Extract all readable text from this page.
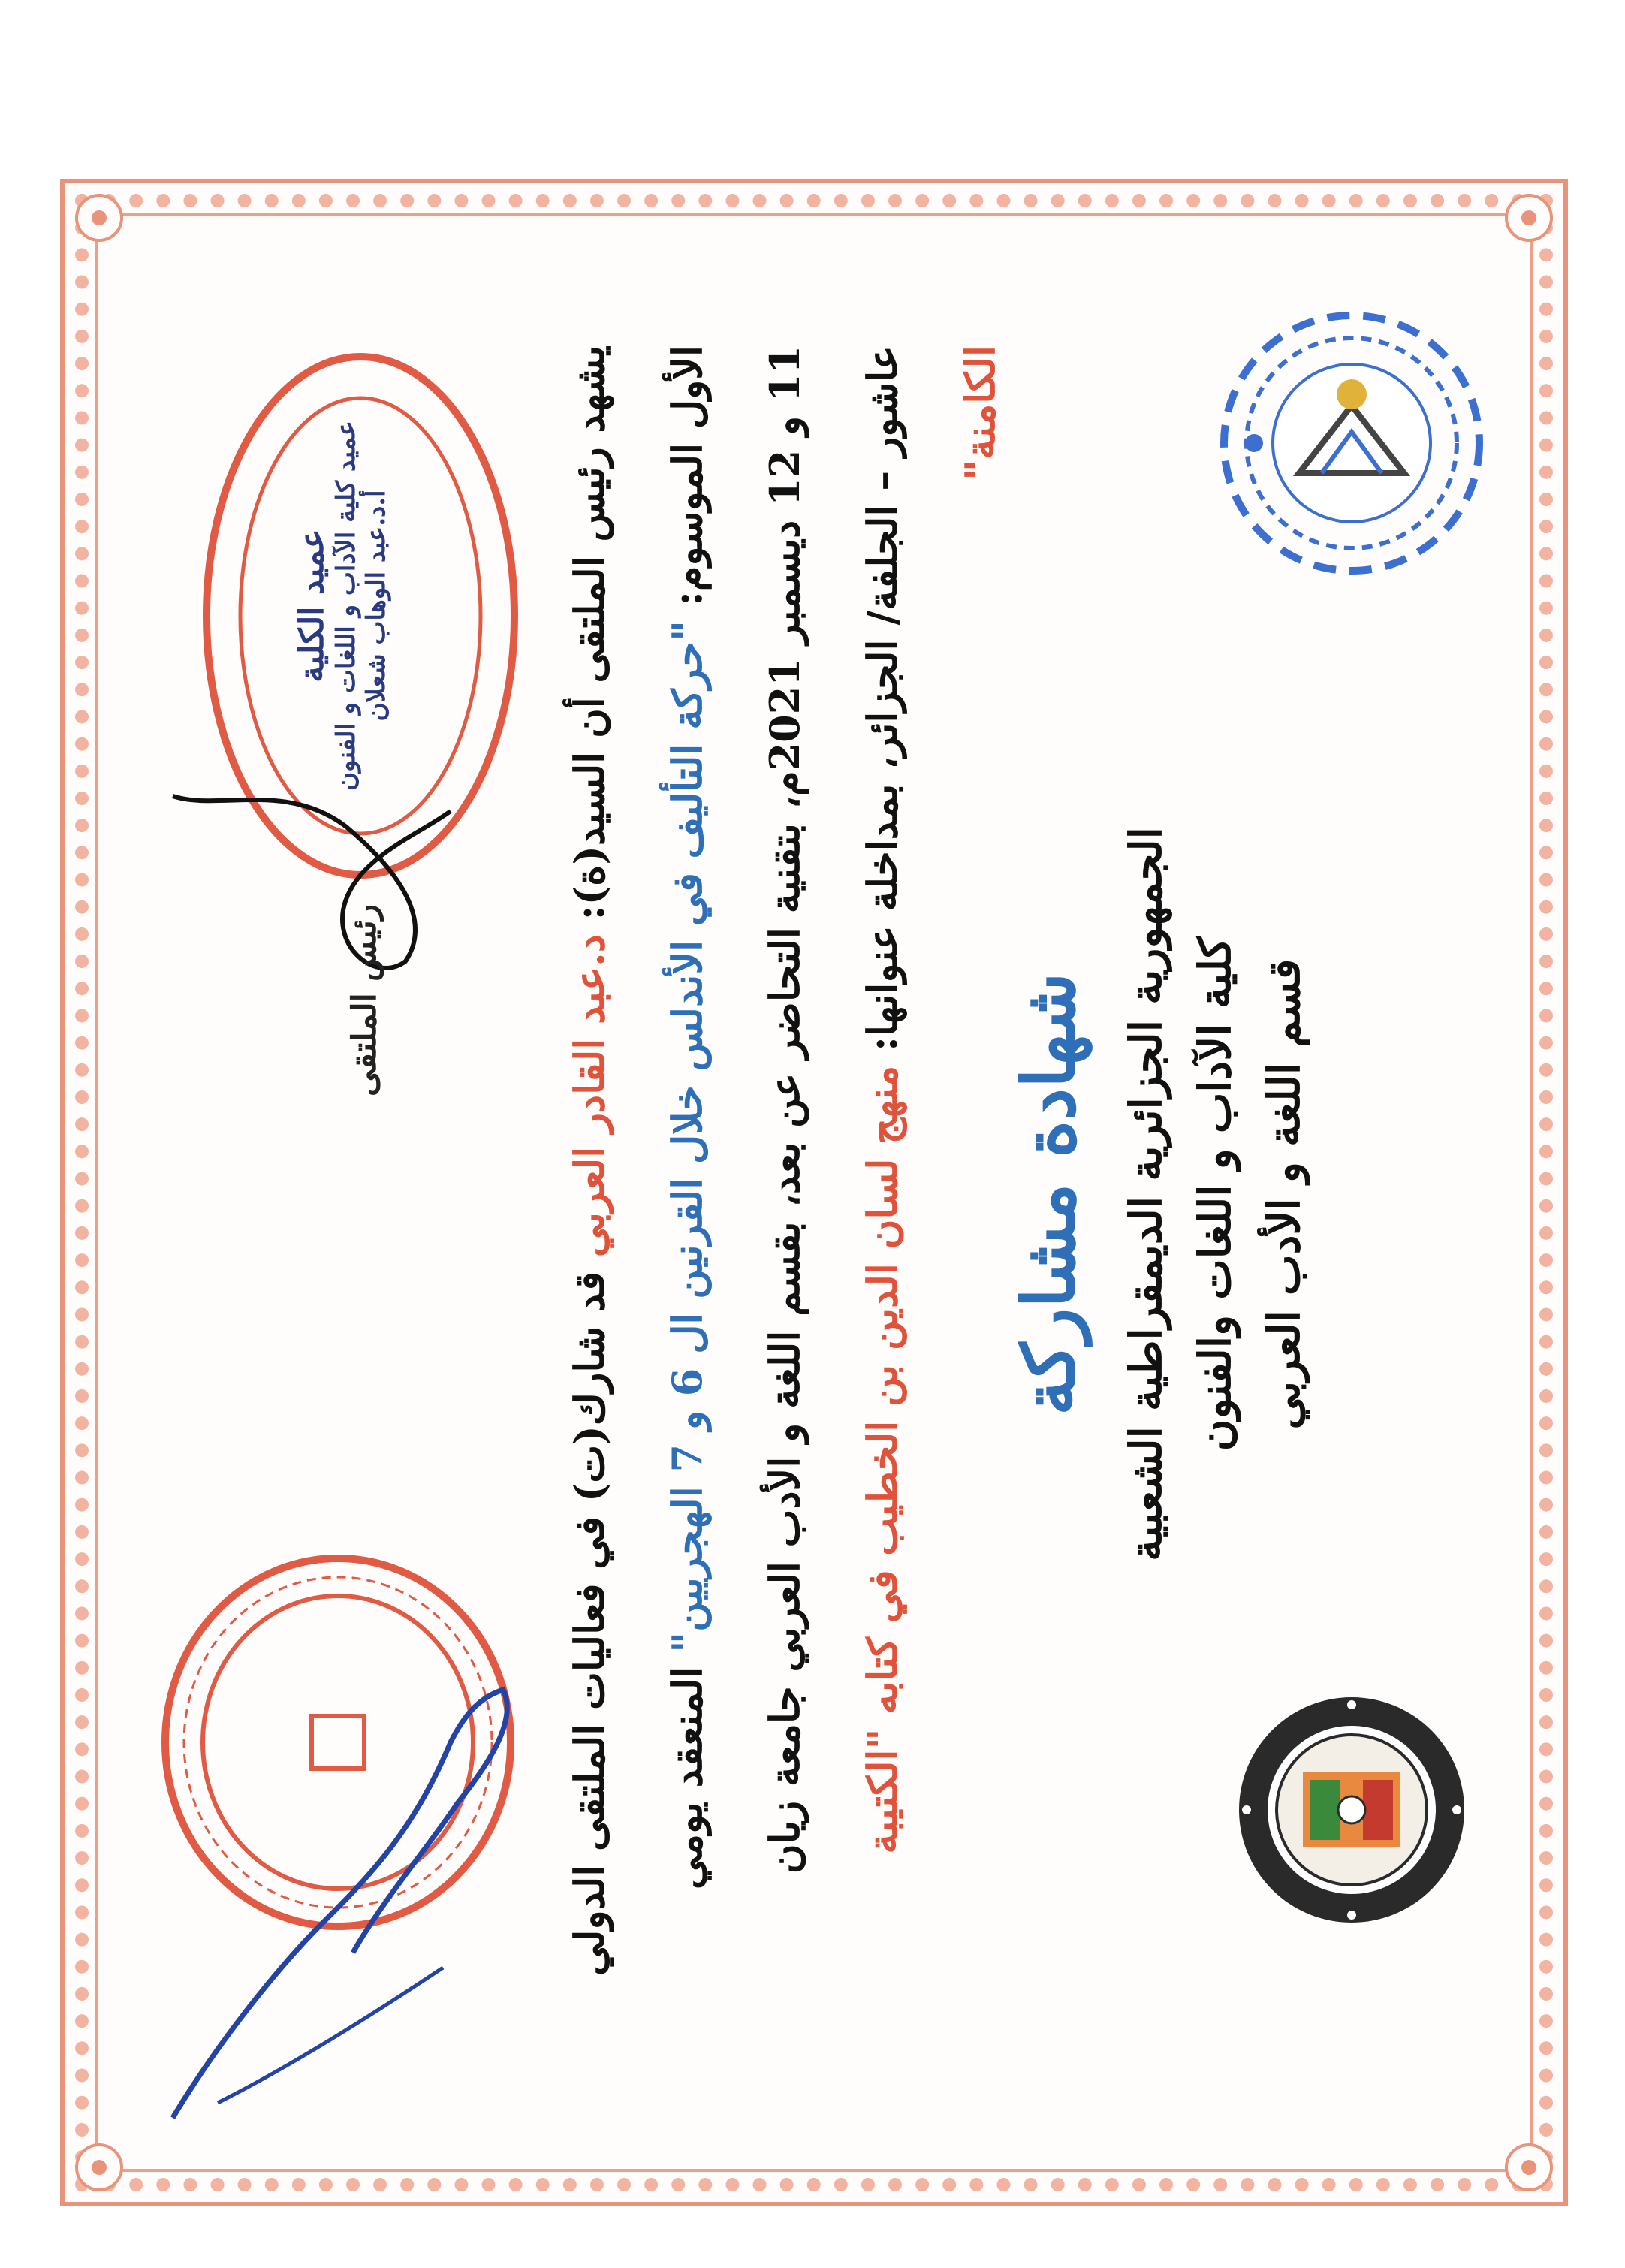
الجمهورية الجزائرية الديمقراطية الشعبية كلية الآداب و اللغات والفنون قسم اللغة و الأدب العربي
شهادة مشاركة
يشهد رئيس الملتقى أن السيد(ة): د.عبد القادر العربي قد شارك(ت) في فعاليات الملتقى الدولي
الأول الموسوم: "حركة التأليف في الأندلس خلال القرنين ال 6 و 7 الهجريين" المنعقد يومي	11 و 12 ديسمبر 2021م، بتقنية التحاضر عن بعد، بقسم اللغة و الأدب العربي جامعة زيان	عاشور – الجلفة/ الجزائر، بمداخلة عنوانها: منهج لسان الدين بن الخطيب في كتابه "الكتيبة
الكامنة"
عميد الكلية عميد كلية الآداب و اللغات و الفنون أ.د.عبد الوهاب شعلان
رئيس الملتقى
